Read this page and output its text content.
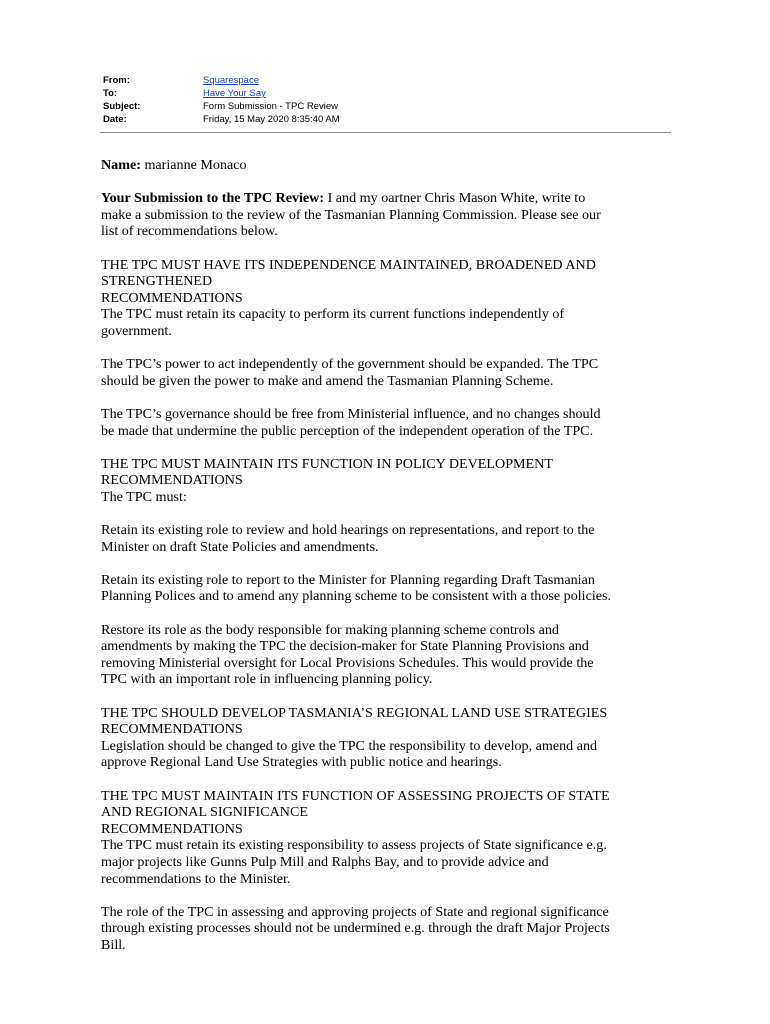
From:	Squarespace
To:	Have Your Say
Subject:	Form Submission - TPC Review
Date:	Friday, 15 May 2020 8:35:40 AM

Name: marianne Monaco

Your Submission to the TPC Review: I and my oartner Chris Mason White, write to
make a submission to the review of the Tasmanian Planning Commission. Please see our
list of recommendations below.

THE TPC MUST HAVE ITS INDEPENDENCE MAINTAINED, BROADENED AND
STRENGTHENED
RECOMMENDATIONS
The TPC must retain its capacity to perform its current functions independently of
government.

The TPC’s power to act independently of the government should be expanded. The TPC
should be given the power to make and amend the Tasmanian Planning Scheme.

The TPC’s governance should be free from Ministerial influence, and no changes should
be made that undermine the public perception of the independent operation of the TPC.

THE TPC MUST MAINTAIN ITS FUNCTION IN POLICY DEVELOPMENT
RECOMMENDATIONS
The TPC must:

Retain its existing role to review and hold hearings on representations, and report to the
Minister on draft State Policies and amendments.

Retain its existing role to report to the Minister for Planning regarding Draft Tasmanian
Planning Polices and to amend any planning scheme to be consistent with a those policies.

Restore its role as the body responsible for making planning scheme controls and
amendments by making the TPC the decision-maker for State Planning Provisions and
removing Ministerial oversight for Local Provisions Schedules. This would provide the
TPC with an important role in influencing planning policy.

THE TPC SHOULD DEVELOP TASMANIA’S REGIONAL LAND USE STRATEGIES
RECOMMENDATIONS
Legislation should be changed to give the TPC the responsibility to develop, amend and
approve Regional Land Use Strategies with public notice and hearings.

THE TPC MUST MAINTAIN ITS FUNCTION OF ASSESSING PROJECTS OF STATE
AND REGIONAL SIGNIFICANCE
RECOMMENDATIONS
The TPC must retain its existing responsibility to assess projects of State significance e.g.
major projects like Gunns Pulp Mill and Ralphs Bay, and to provide advice and
recommendations to the Minister.

The role of the TPC in assessing and approving projects of State and regional significance
through existing processes should not be undermined e.g. through the draft Major Projects
Bill.
